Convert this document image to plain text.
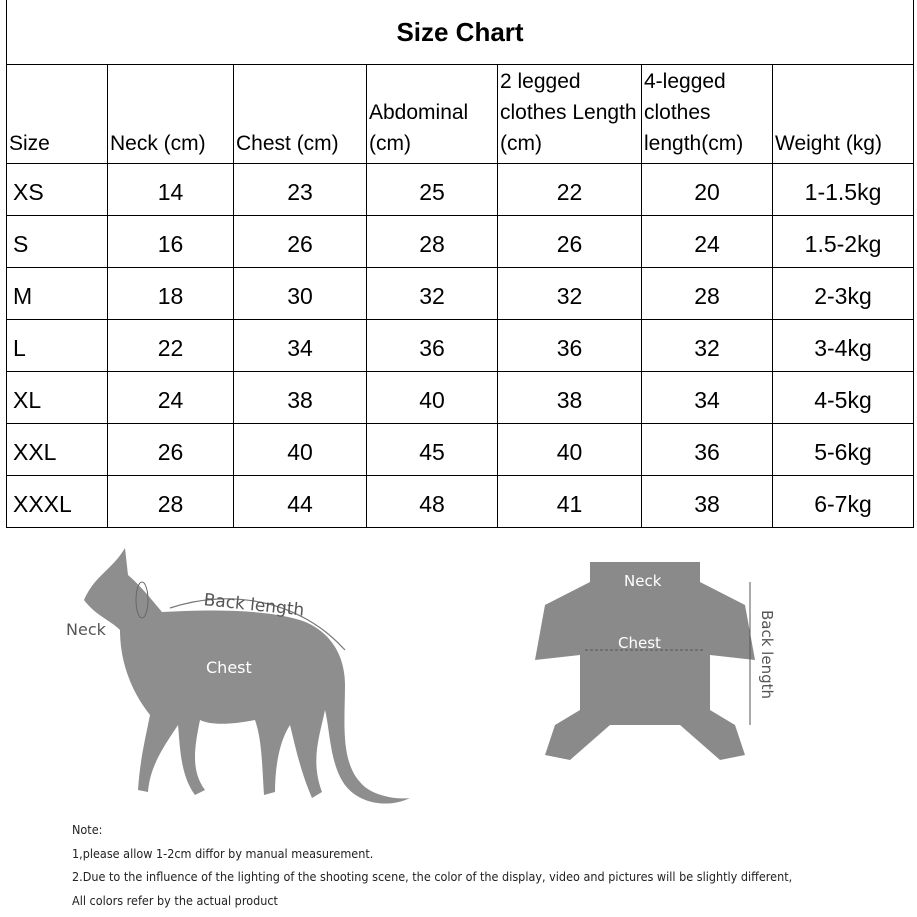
Size Chart						
Size	Neck (cm)	Chest (cm)	Abdominal (cm)	2 legged clothes Length (cm)	4-legged clothes length(cm)	Weight (kg)
XS	14	23	25	22	20	1-1.5kg
S	16	26	28	26	24	1.5-2kg
M	18	30	32	32	28	2-3kg
L	22	34	36	36	32	3-4kg
XL	24	38	40	38	34	4-5kg
XXL	26	40	45	40	36	5-6kg
XXXL	28	44	48	41	38	6-7kg
Neck
Back length
Chest
Neck
Chest	Back length
Note:
1,please allow 1-2cm diffor by manual measurement.
2.Due to the influence of the lighting of the shooting scene, the color of the display, video and pictures will be slightly different,
All colors refer by the actual product
